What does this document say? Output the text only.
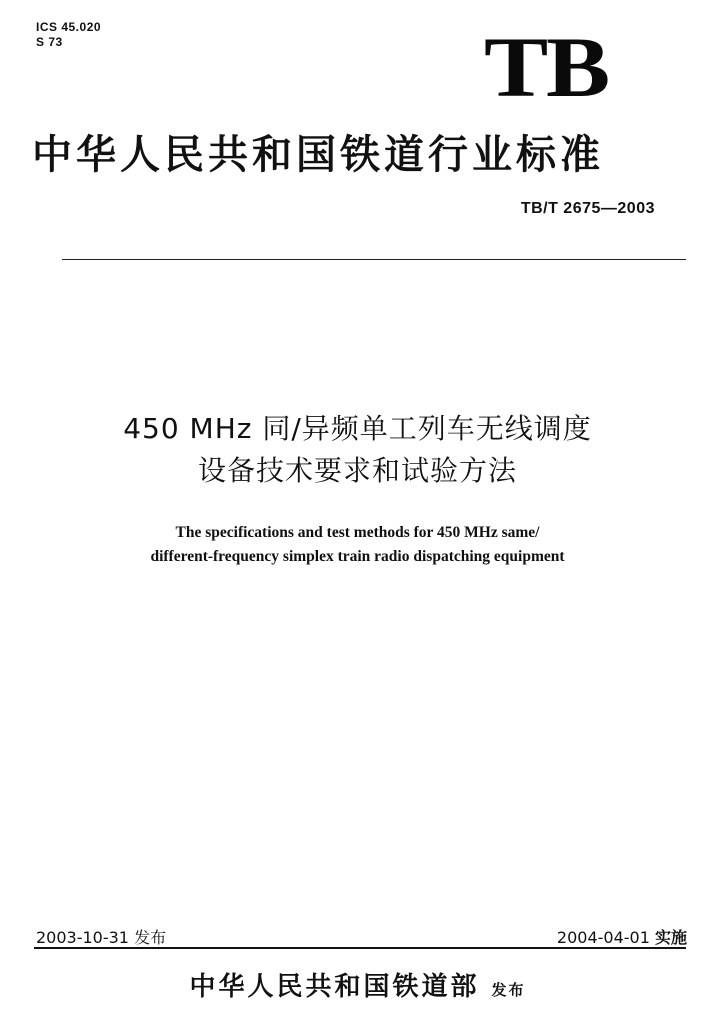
ICS 45.020
S 73	TB
中华人民共和国铁道行业标准
TB/T 2675—2003
450 MHz 同/异频单工列车无线调度
设备技术要求和试验方法
The specifications and test methods for 450 MHz same/
different-frequency simplex train radio dispatching equipment
2003-10-31 发布	2004-04-01 实施
中华人民共和国铁道部 发布
